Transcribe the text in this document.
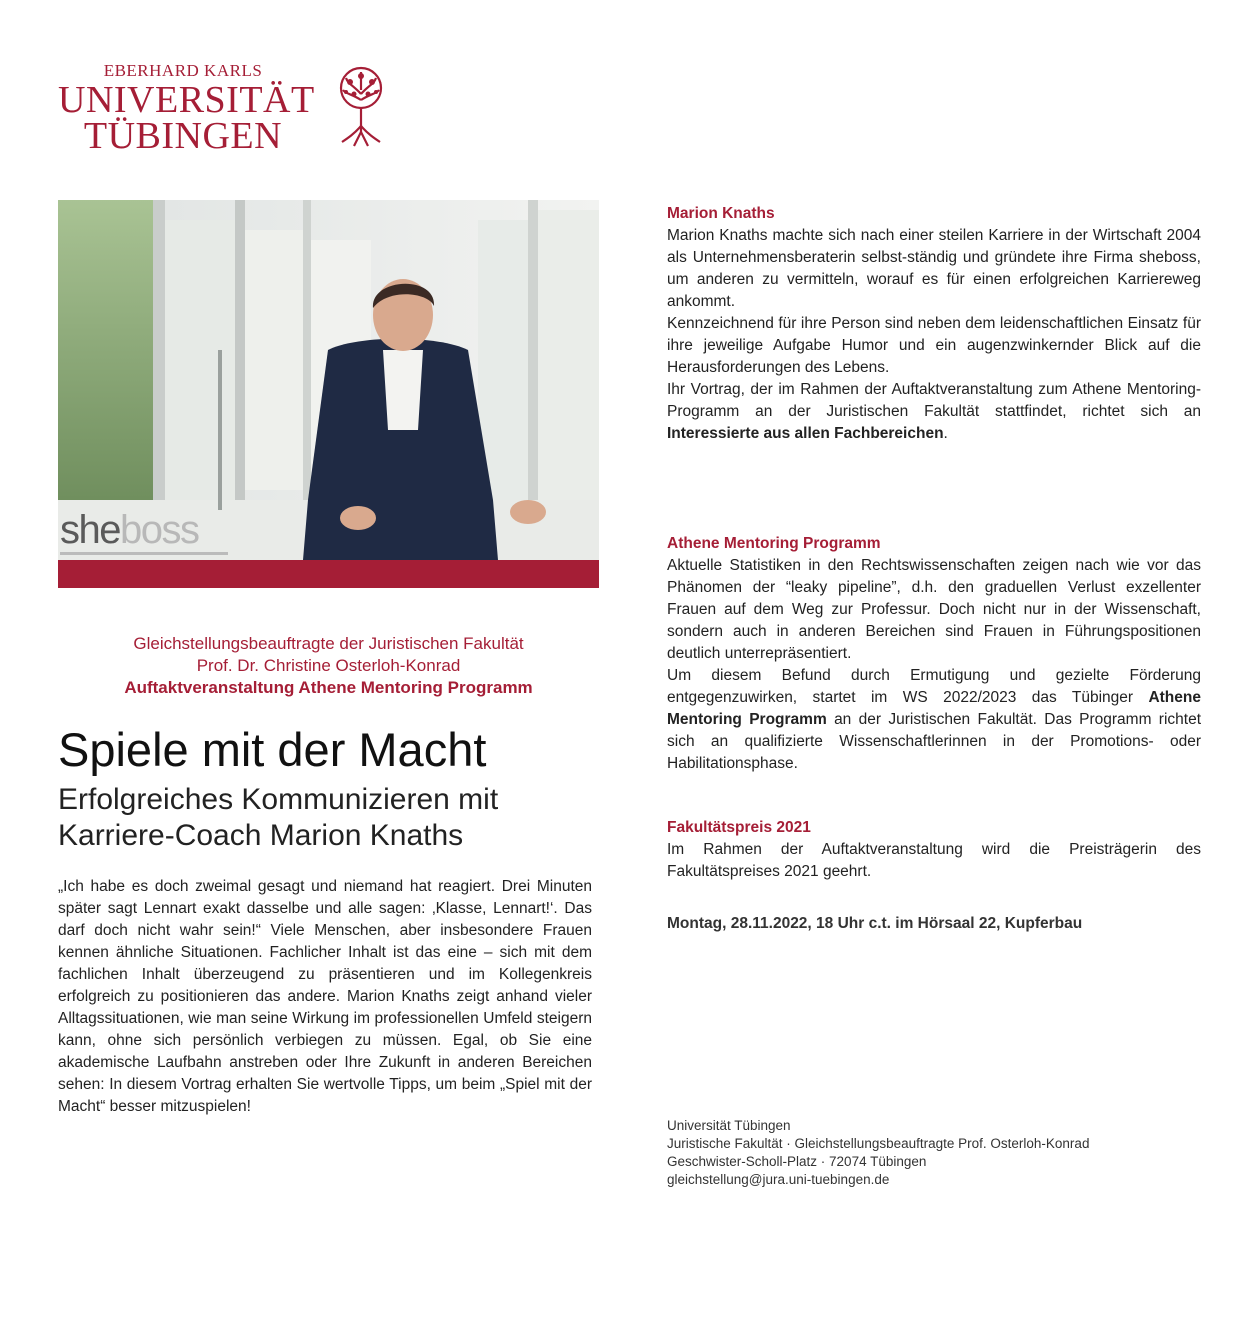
EBERHARD KARLS
UNIVERSITÄT
TÜBINGEN
sheboss
Gleichstellungsbeauftragte der Juristischen Fakultät
Prof. Dr. Christine Osterloh-Konrad
Auftaktveranstaltung Athene Mentoring Programm
Spiele mit der Macht
Erfolgreiches Kommunizieren mit
Karriere-Coach Marion Knaths
„Ich habe es doch zweimal gesagt und niemand hat reagiert. Drei Minuten später sagt Lennart exakt dasselbe und alle sagen: ‚Klasse, Lennart!‘. Das darf doch nicht wahr sein!“ Viele Menschen, aber insbesondere Frauen kennen ähnliche Situationen. Fachlicher Inhalt ist das eine – sich mit dem fachlichen Inhalt überzeugend zu präsentieren und im Kollegenkreis erfolgreich zu positionieren das andere. Marion Knaths zeigt anhand vieler Alltagssituationen, wie man seine Wirkung im professionellen Umfeld steigern kann, ohne sich persönlich verbiegen zu müssen. Egal, ob Sie eine akademische Laufbahn anstreben oder Ihre Zukunft in anderen Bereichen sehen: In diesem Vortrag erhalten Sie wertvolle Tipps, um beim „Spiel mit der Macht“ besser mitzuspielen!
Marion Knaths

Marion Knaths machte sich nach einer steilen Karriere in der Wirtschaft 2004 als Unternehmensberaterin selbst-ständig und gründete ihre Firma sheboss, um anderen zu vermitteln, worauf es für einen erfolgreichen Karriereweg ankommt.

Kennzeichnend für ihre Person sind neben dem leidenschaftlichen Einsatz für ihre jeweilige Aufgabe Humor und ein augenzwinkernder Blick auf die Herausforderungen des Lebens.

Ihr Vortrag, der im Rahmen der Auftaktveranstaltung zum Athene Mentoring-Programm an der Juristischen Fakultät stattfindet, richtet sich an Interessierte aus allen Fachbereichen.

Athene Mentoring Programm

Aktuelle Statistiken in den Rechtswissenschaften zeigen nach wie vor das Phänomen der “leaky pipeline”, d.h. den graduellen Verlust exzellenter Frauen auf dem Weg zur Professur. Doch nicht nur in der Wissenschaft, sondern auch in anderen Bereichen sind Frauen in Führungspositionen deutlich unterrepräsentiert.

Um diesem Befund durch Ermutigung und gezielte Förderung entgegenzuwirken, startet im WS 2022/2023 das Tübinger Athene Mentoring Programm an der Juristischen Fakultät. Das Programm richtet sich an qualifizierte Wissenschaftlerinnen in der Promotions- oder Habilitationsphase.

Fakultätspreis 2021

Im Rahmen der Auftaktveranstaltung wird die Preisträgerin des Fakultätspreises 2021 geehrt.

Montag, 28.11.2022, 18 Uhr c.t. im Hörsaal 22, Kupferbau
Universität Tübingen
Juristische Fakultät · Gleichstellungsbeauftragte Prof. Osterloh-Konrad
Geschwister-Scholl-Platz · 72074 Tübingen
gleichstellung@jura.uni-tuebingen.de
